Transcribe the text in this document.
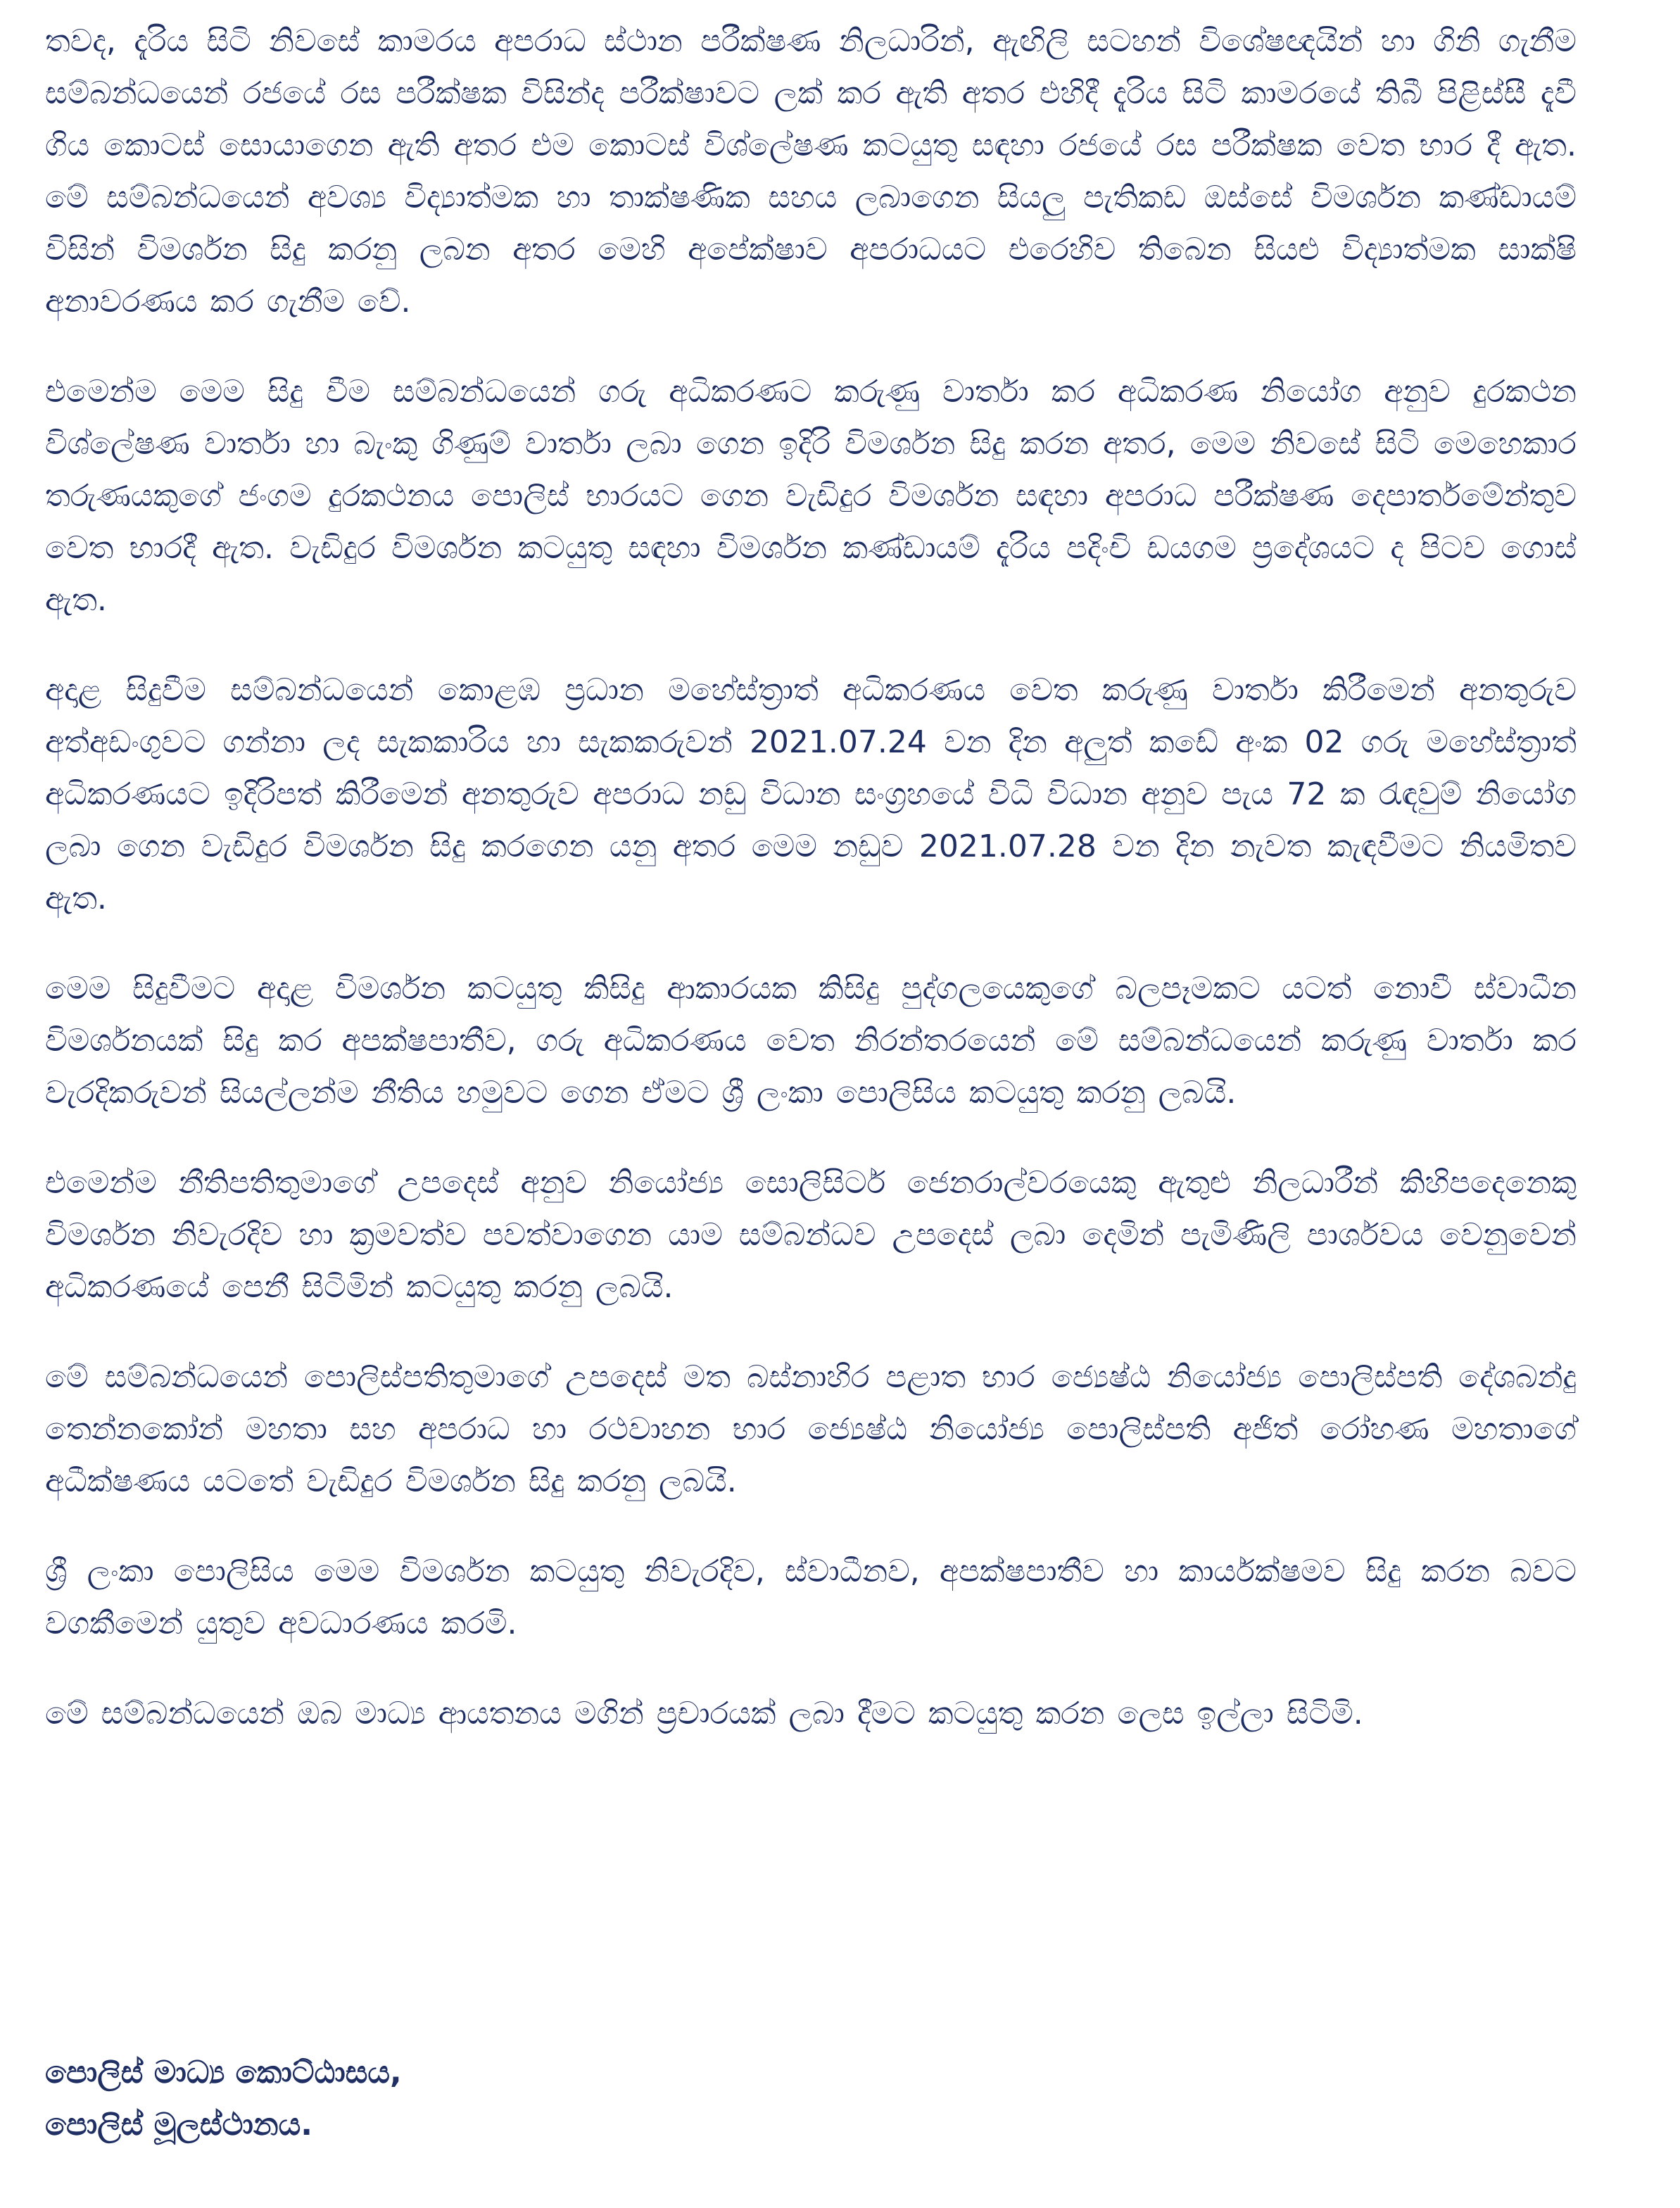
තවද, දැරිය සිටි නිවසේ කාමරය අපරාධ ස්ථාන පරීක්ෂණ නිලධාරින්, ඇඟිලි සටහන් විශේෂඥයින් හා ගිනි ගැනීම සම්බන්ධයෙන් රජයේ රස පරීක්ෂක විසින්ද පරීක්ෂාවට ලක් කර ඇති අතර එහිදී දැරිය සිටි කාමරයේ තිබී පිළිස්සී දැවී ගිය කොටස් සොයාගෙන ඇති අතර එම කොටස් විශ්ලේෂණ කටයුතු සඳහා රජයේ රස පරීක්ෂක වෙත භාර දී ඇත. මේ සම්බන්ධයෙන් අවශ්‍ය විද්‍යාත්මක හා තාක්ෂණික සහය ලබාගෙන සියලු පැතිකඩ ඔස්සේ විමර්ශන කණ්ඩායම් විසින් විමර්ශන සිදු කරනු ලබන අතර මෙහි අපේක්ෂාව අපරාධයට එරෙහිව තිබෙන සියළු විද්‍යාත්මක සාක්ෂි අනාවරණය කර ගැනීම වේ.

එමෙන්ම මෙම සිදු වීම සම්බන්ධයෙන් ගරු අධිකරණට කරුණු වාර්තා කර අධිකරණ නියෝග අනුව දුරකථන විශ්ලේෂණ වාර්තා හා බැංකු ගිණුම් වාර්තා ලබා ගෙන ඉදිරි විමර්ශන සිදු කරන අතර, මෙම නිවසේ සිටි මෙහෙකාර තරුණයකුගේ ජංගම දුරකථනය පොලිස් භාරයට ගෙන වැඩිදුර විමර්ශන සඳහා අපරාධ පරීක්ෂණ දෙපාර්තමේන්තුව වෙත භාරදී ඇත. වැඩිදුර විමර්ශන කටයුතු සඳහා විමර්ශන කණ්ඩායම් දැරිය පදිංචි ඩයගම ප්‍රදේශයට ද පිටව ගොස් ඇත.

අදාළ සිදුවීම සම්බන්ධයෙන් කොළඹ ප්‍රධාන මහේස්ත්‍රාත් අධිකරණය වෙත කරුණු වාර්තා කිරීමෙන් අනතුරුව අත්අඩංගුවට ගන්නා ලද සැකකාරිය හා සැකකරුවන් 2021.07.24 වන දින අලුත් කඩේ අංක 02 ගරු මහේස්ත්‍රාත් අධිකරණයට ඉදිරිපත් කිරීමෙන් අනතුරුව අපරාධ නඩු විධාන සංග්‍රහයේ විධි විධාන අනුව පැය 72 ක රැඳවුම් නියෝග ලබා ගෙන වැඩිදුර විමර්ශන සිදු කරගෙන යනු අතර මෙම නඩුව 2021.07.28 වන දින නැවත කැඳවීමට නියමිතව ඇත.

මෙම සිදුවීමට අදාළ විමර්ශන කටයුතු කිසිදු ආකාරයක කිසිදු පුද්ගලයෙකුගේ බලපෑමකට යටත් නොවී ස්වාධීන විමර්ශනයක් සිදු කර අපක්ෂපාතීව, ගරු අධිකරණය වෙත නිරන්තරයෙන් මේ සම්බන්ධයෙන් කරුණු වාර්තා කර වැරදිකරුවන් සියල්ලන්ම නීතිය හමුවට ගෙන ඒමට ශ්‍රී ලංකා පොලිසිය කටයුතු කරනු ලබයි.

එමෙන්ම නීතිපතිතුමාගේ උපදෙස් අනුව නියෝජ්‍ය සොලිසිටර් ජෙනරාල්වරයෙකු ඇතුළු නිලධාරීන් කිහිපදෙනෙකු විමර්ශන නිවැරදිව හා ක්‍රමවත්ව පවත්වාගෙන යාම සම්බන්ධව උපදෙස් ලබා දෙමින් පැමිණිලි පාර්ශවය වෙනුවෙන් අධිකරණයේ පෙනී සිටිමින් කටයුතු කරනු ලබයි.

මේ සම්බන්ධයෙන් පොලිස්පතිතුමාගේ උපදෙස් මත බස්නාහිර පළාත භාර ජ්‍යෙෂ්ඨ නියෝජ්‍ය පොලිස්පති දේශබන්දු තෙන්නකෝන් මහතා සහ අපරාධ හා රථවාහන භාර ජ්‍යෙෂ්ඨ නියෝජ්‍ය පොලිස්පති අජිත් රෝහණ මහතාගේ අධීක්ෂණය යටතේ වැඩිදුර විමර්ශන සිදු කරනු ලබයි.

ශ්‍රී ලංකා පොලිසිය මෙම විමර්ශන කටයුතු නිවැරදිව, ස්වාධීනව, අපක්ෂපාතීව හා කාර්යක්ෂමව සිදු කරන බවට වගකීමෙන් යුතුව අවධාරණය කරමි.

මේ සම්බන්ධයෙන් ඔබ මාධ්‍ය ආයතනය මගින් ප්‍රචාරයක් ලබා දීමට කටයුතු කරන ලෙස ඉල්ලා සිටිමි.

පොලිස් මාධ්‍ය කොට්ඨාසය,
පොලිස් මූලස්ථානය.
